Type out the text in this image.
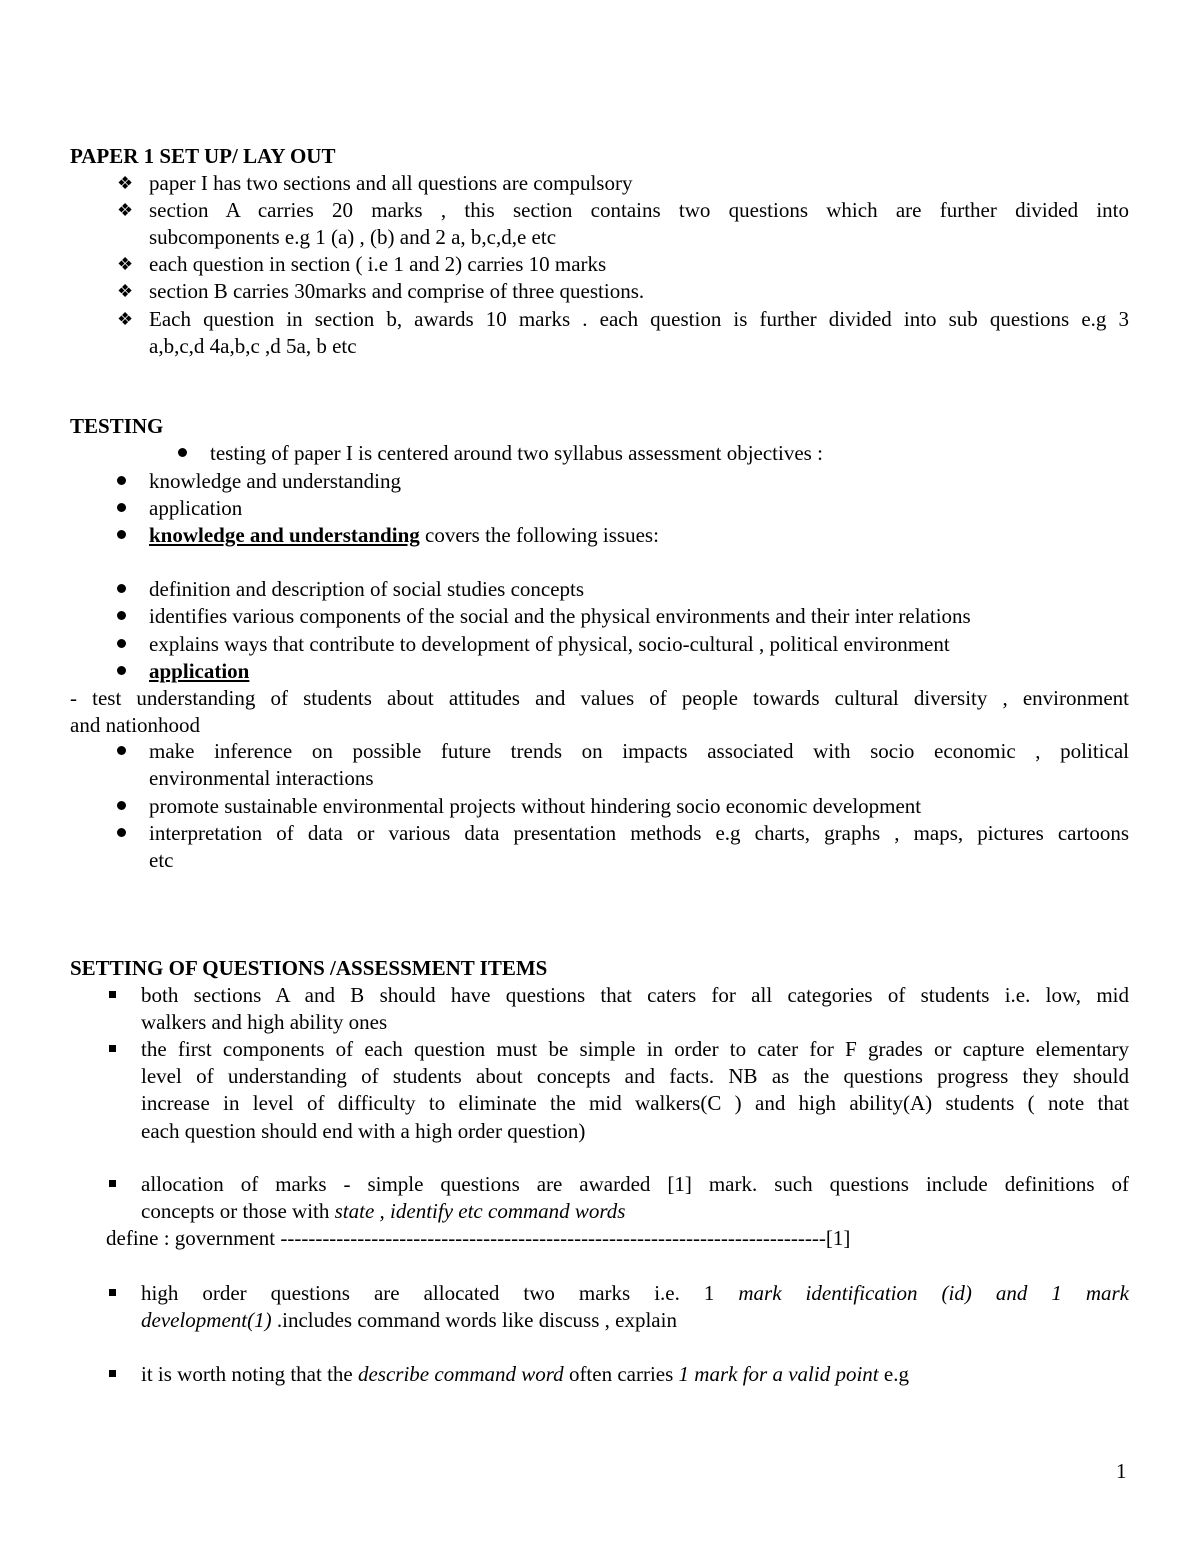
PAPER 1 SET UP/ LAY OUT
❖ paper I has two sections and all questions are compulsory
❖ section A carries 20 marks , this section contains two questions which are further divided into
subcomponents e.g 1 (a) , (b) and 2 a, b,c,d,e etc
❖ each question in section ( i.e 1 and 2) carries 10 marks
❖ section B carries 30marks and comprise of three questions.
❖ Each question in section b, awards 10 marks . each question is further divided into sub questions e.g 3
a,b,c,d 4a,b,c ,d 5a, b etc
TESTING
testing of paper I is centered around two syllabus assessment objectives :
knowledge and understanding
application
knowledge and understanding covers the following issues:
definition and description of social studies concepts
identifies various components of the social and the physical environments and their inter relations
explains ways that contribute to development of physical, socio-cultural , political environment
application
- test understanding of students about attitudes and values of people towards cultural diversity , environment
and nationhood
make inference on possible future trends on impacts associated with socio economic , political
environmental interactions
promote sustainable environmental projects without hindering socio economic development
interpretation of data or various data presentation methods e.g charts, graphs , maps, pictures cartoons
etc
SETTING OF QUESTIONS /ASSESSMENT ITEMS
both sections A and B should have questions that caters for all categories of students i.e. low, mid
walkers and high ability ones
the first components of each question must be simple in order to cater for F grades or capture elementary
level of understanding of students about concepts and facts. NB as the questions progress they should
increase in level of difficulty to eliminate the mid walkers(C ) and high ability(A) students ( note that
each question should end with a high order question)
allocation of marks - simple questions are awarded [1] mark. such questions include definitions of
concepts or those with state , identify etc command words
define : government ------------------------------------------------------------------------------[1]
high order questions are allocated two marks i.e. 1 mark identification (id) and 1 mark
development(1) .includes command words like discuss , explain
it is worth noting that the describe command word often carries 1 mark for a valid point e.g
1
